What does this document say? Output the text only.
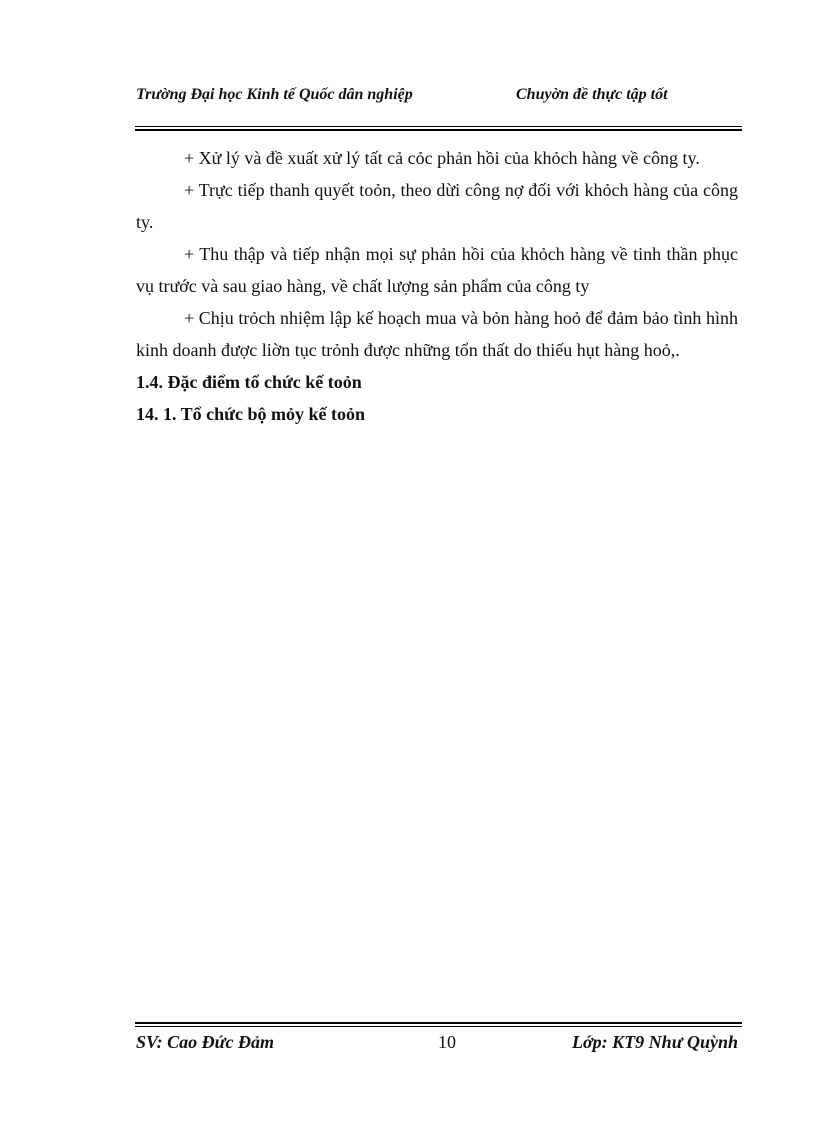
Trường Đại học Kinh tế Quốc dân nghiệp	Chuyờn đề thực tập tốt

+ Xử lý và đề xuất xử lý tất cả cỏc phản hồi của khỏch hàng về công ty.

+ Trực tiếp thanh quyết toỏn, theo dừi công nợ đối với khỏch hàng của công ty.

+ Thu thập và tiếp nhận mọi sự phản hồi của khỏch hàng về tinh thần phục vụ trước và sau giao hàng, về chất lượng sản phẩm của công ty

+ Chịu trỏch nhiệm lập kế hoạch mua và bỏn hàng hoỏ để đảm bảo tình hình kinh doanh được liờn tục trỏnh được những tổn thất do thiếu hụt hàng hoỏ,.

1.4. Đặc điểm tổ chức kế toỏn

14. 1. Tổ chức bộ mỏy kế toỏn

SV: Cao Đức Đảm	10	Lớp: KT9 Như Quỳnh
